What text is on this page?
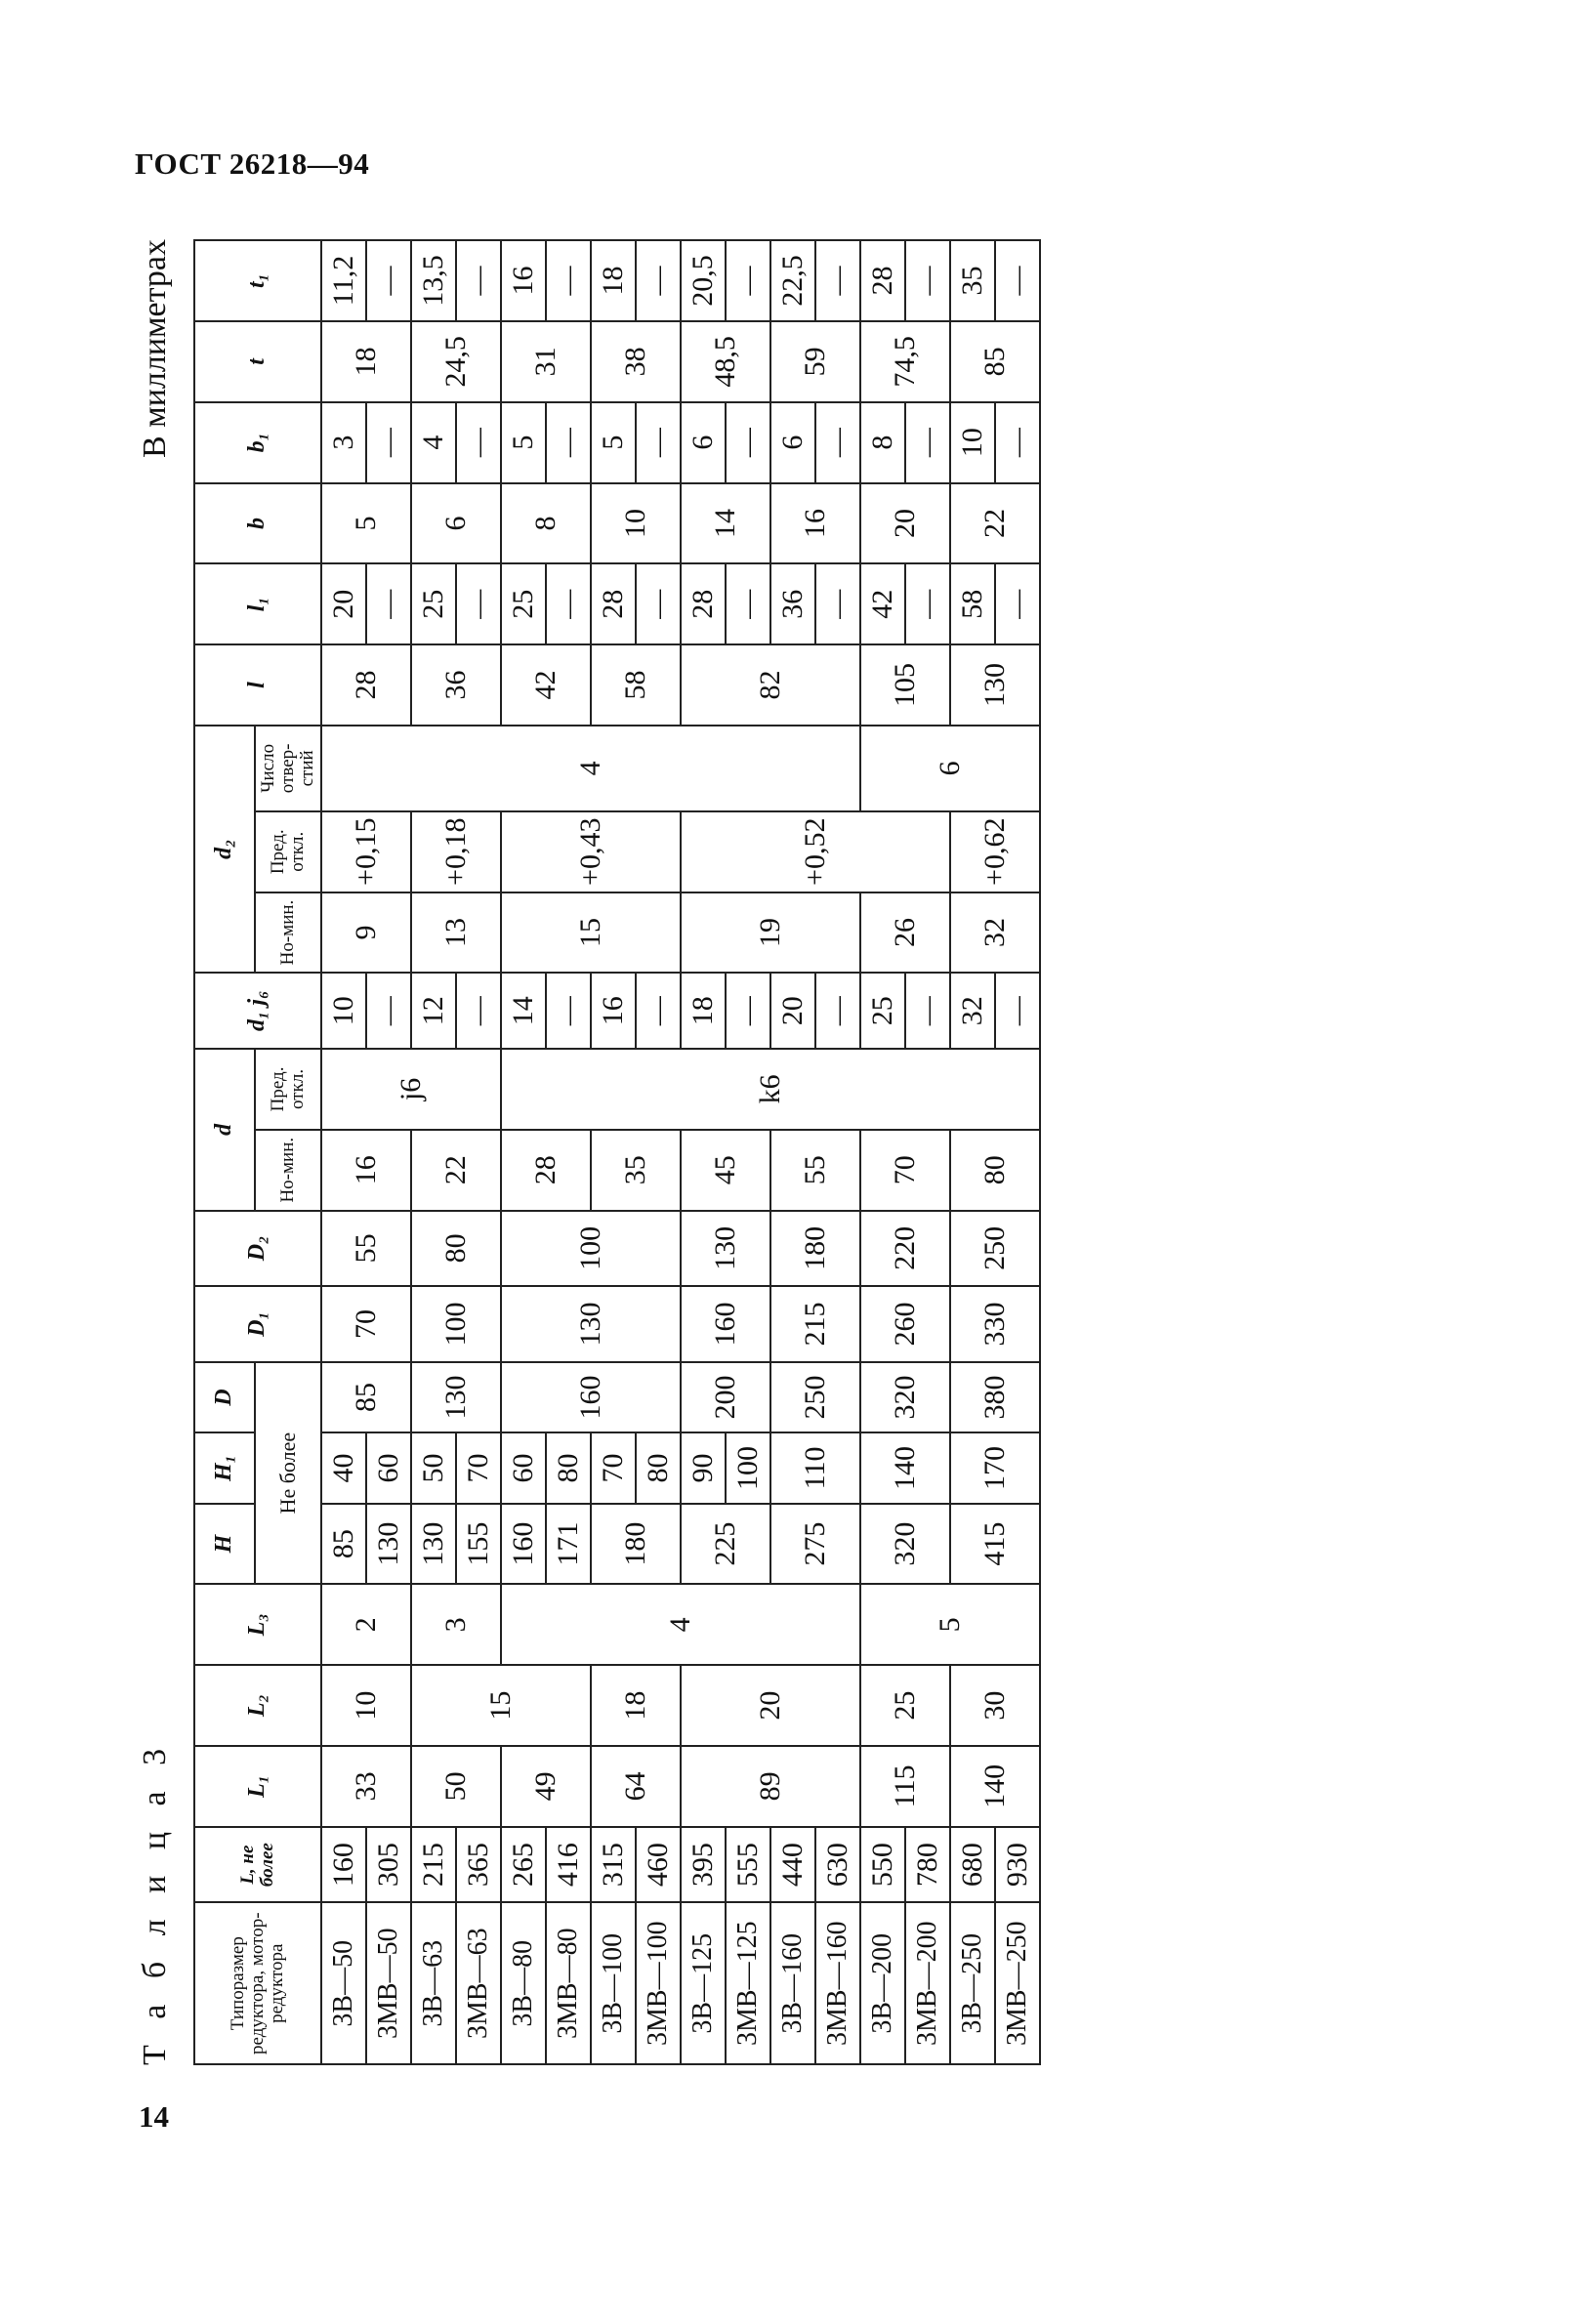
ГОСТ 26218—94
Т а б л и ц а 3
В миллиметрах
Типоразмер редуктора, мотор-редуктора	L, не более	L₁	L₂	L₃	H	H₁	D	D₁	D₂	d		d₁ j₆	d₂			l	l₁	b	b₁	t	t₁
					Не более					Но-мин.	Пред. откл.		Но-мин.	Пред. откл.	Число отвер-стий						
3В—50	160	33	10	2	85	40	85	70	55	16	j6	10	9	+0,15	4	28	20	5	3	18	11,2
3МВ—50	305				130	60						—					—		—		—
3В—63	215	50	15	3	130	50	130	100	80	22		12	13	+0,18		36	25	6	4	24,5	13,5
3МВ—63	365				155	70						—					—		—		—
3В—80	265	49		4	160	60	160	130	100	28	k6	14	15	+0,43		42	25	8	5	31	16
3МВ—80	416				171	80						—					—		—		—
3В—100	315	64	18		180	70				35		16				58	28	10	5	38	18
3МВ—100	460					80						—					—		—		—
3В—125	395	89	20		225	90	200	160	130	45		18	19	+0,52		82	28	14	6	48,5	20,5
3МВ—125	555					100						—					—		—		—
3В—160	440				275	110	250	215	180	55		20					36	16	6	59	22,5
3МВ—160	630											—					—		—		—
3В—200	550	115	25	5	320	140	320	260	220	70		25	26		6	105	42	20	8	74,5	28
3МВ—200	780											—					—		—		—
3В—250	680	140	30		415	170	380	330	250	80		32	32	+0,62		130	58	22	10	85	35
3МВ—250	930											—					—		—		—
14
